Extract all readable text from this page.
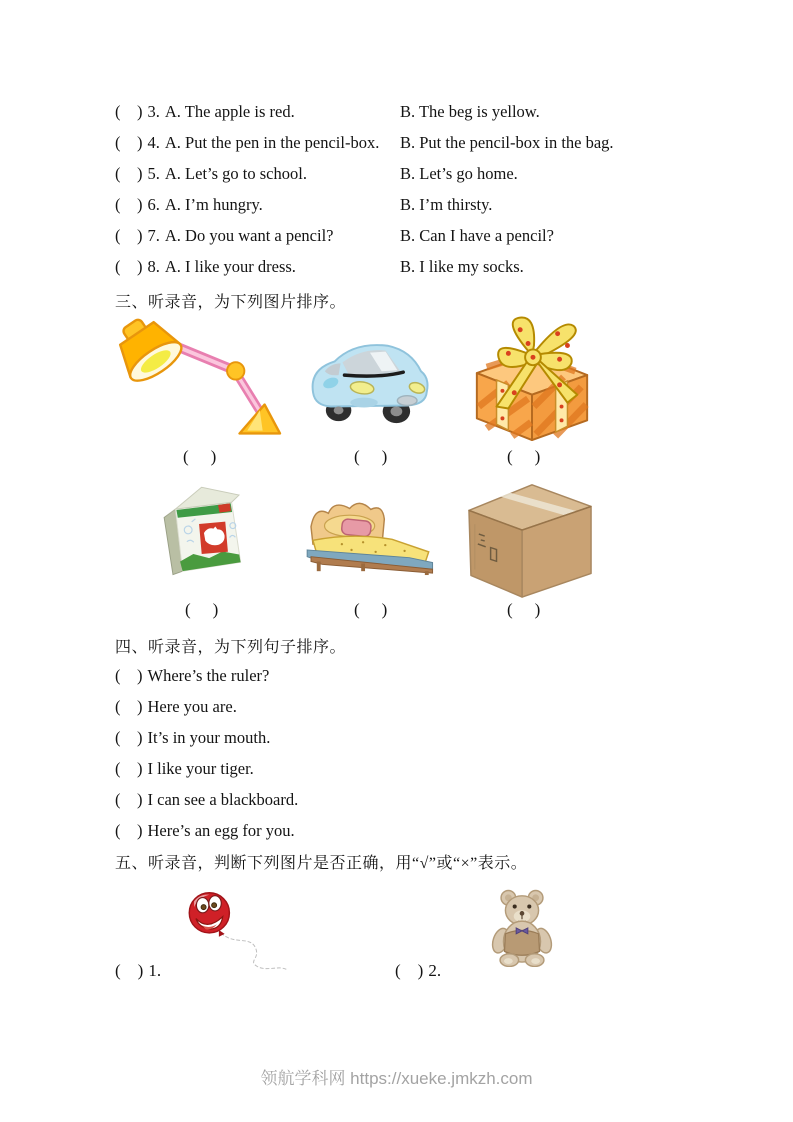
(    ) 3. A. The apple is red.	B. The beg is yellow.
(    ) 4. A. Put the pen in the pencil-box.	B. Put the pencil-box in the bag.
(    ) 5. A. Let’s go to school.	B. Let’s go home.
(    ) 6. A. I’m hungry.	B. I’m thirsty.
(    ) 7. A. Do you want a pencil?	B. Can I have a pencil?
(    ) 8. A. I like your dress.	B. I like my socks.
三、听录音，为下列图片排序。
(    )	(    )	(    )
(    )	(    )	(    )
四、听录音，为下列句子排序。
(    ) Where’s the ruler?
(    ) Here you are.
(    ) It’s in your mouth.
(    ) I like your tiger.
(    ) I can see a blackboard.
(    ) Here’s an egg for you.
五、听录音，判断下列图片是否正确，用“√”或“×”表示。
(    ) 1.	(    ) 2.
领航学科网 https://xueke.jmkzh.com
